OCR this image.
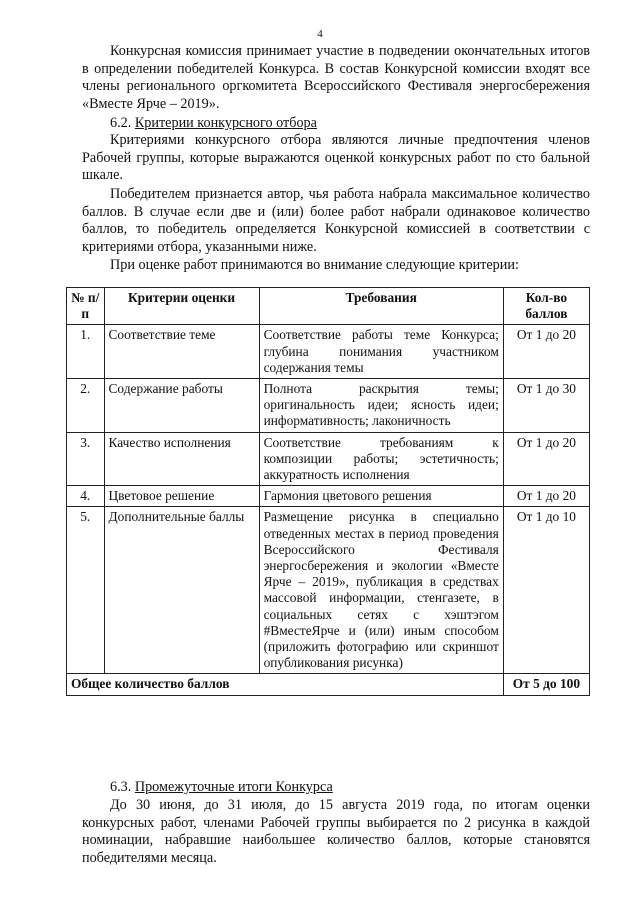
4

Конкурсная комиссия принимает участие в подведении окончательных итогов в определении победителей Конкурса. В состав Конкурсной комиссии входят все члены регионального оргкомитета Всероссийского Фестиваля энергосбережения «Вместе Ярче – 2019».

6.2. Критерии конкурсного отбора

Критериями конкурсного отбора являются личные предпочтения членов Рабочей группы, которые выражаются оценкой конкурсных работ по сто бальной шкале.

Победителем признается автор, чья работа набрала максимальное количество баллов. В случае если две и (или) более работ набрали одинаковое количество баллов, то победитель определяется Конкурсной комиссией в соответствии с критериями отбора, указанными ниже.

При оценке работ принимаются во внимание следующие критерии:

№ п/п	Критерии оценки	Требования	Кол-во баллов
1.	Соответствие теме	Соответствие работы теме Конкурса; глубина понимания участником содержания темы	От 1 до 20
2.	Содержание работы	Полнота раскрытия темы; оригинальность идеи; ясность идеи; информативность; лаконичность	От 1 до 30
3.	Качество исполнения	Соответствие требованиям к композиции работы; эстетичность; аккуратность исполнения	От 1 до 20
4.	Цветовое решение	Гармония цветового решения	От 1 до 20
5.	Дополнительные баллы	Размещение рисунка в специально отведенных местах в период проведения Всероссийского Фестиваля энергосбережения и экологии «Вместе Ярче – 2019», публикация в средствах массовой информации, стенгазете, в социальных сетях с хэштэгом #ВместеЯрче и (или) иным способом (приложить фотографию или скриншот опубликования рисунка)	От 1 до 10
Общее количество баллов			От 5 до 100
6.3. Промежуточные итоги Конкурса

До 30 июня, до 31 июля, до 15 августа 2019 года, по итогам оценки конкурсных работ, членами Рабочей группы выбирается по 2 рисунка в каждой номинации, набравшие наибольшее количество баллов, которые становятся победителями месяца.
